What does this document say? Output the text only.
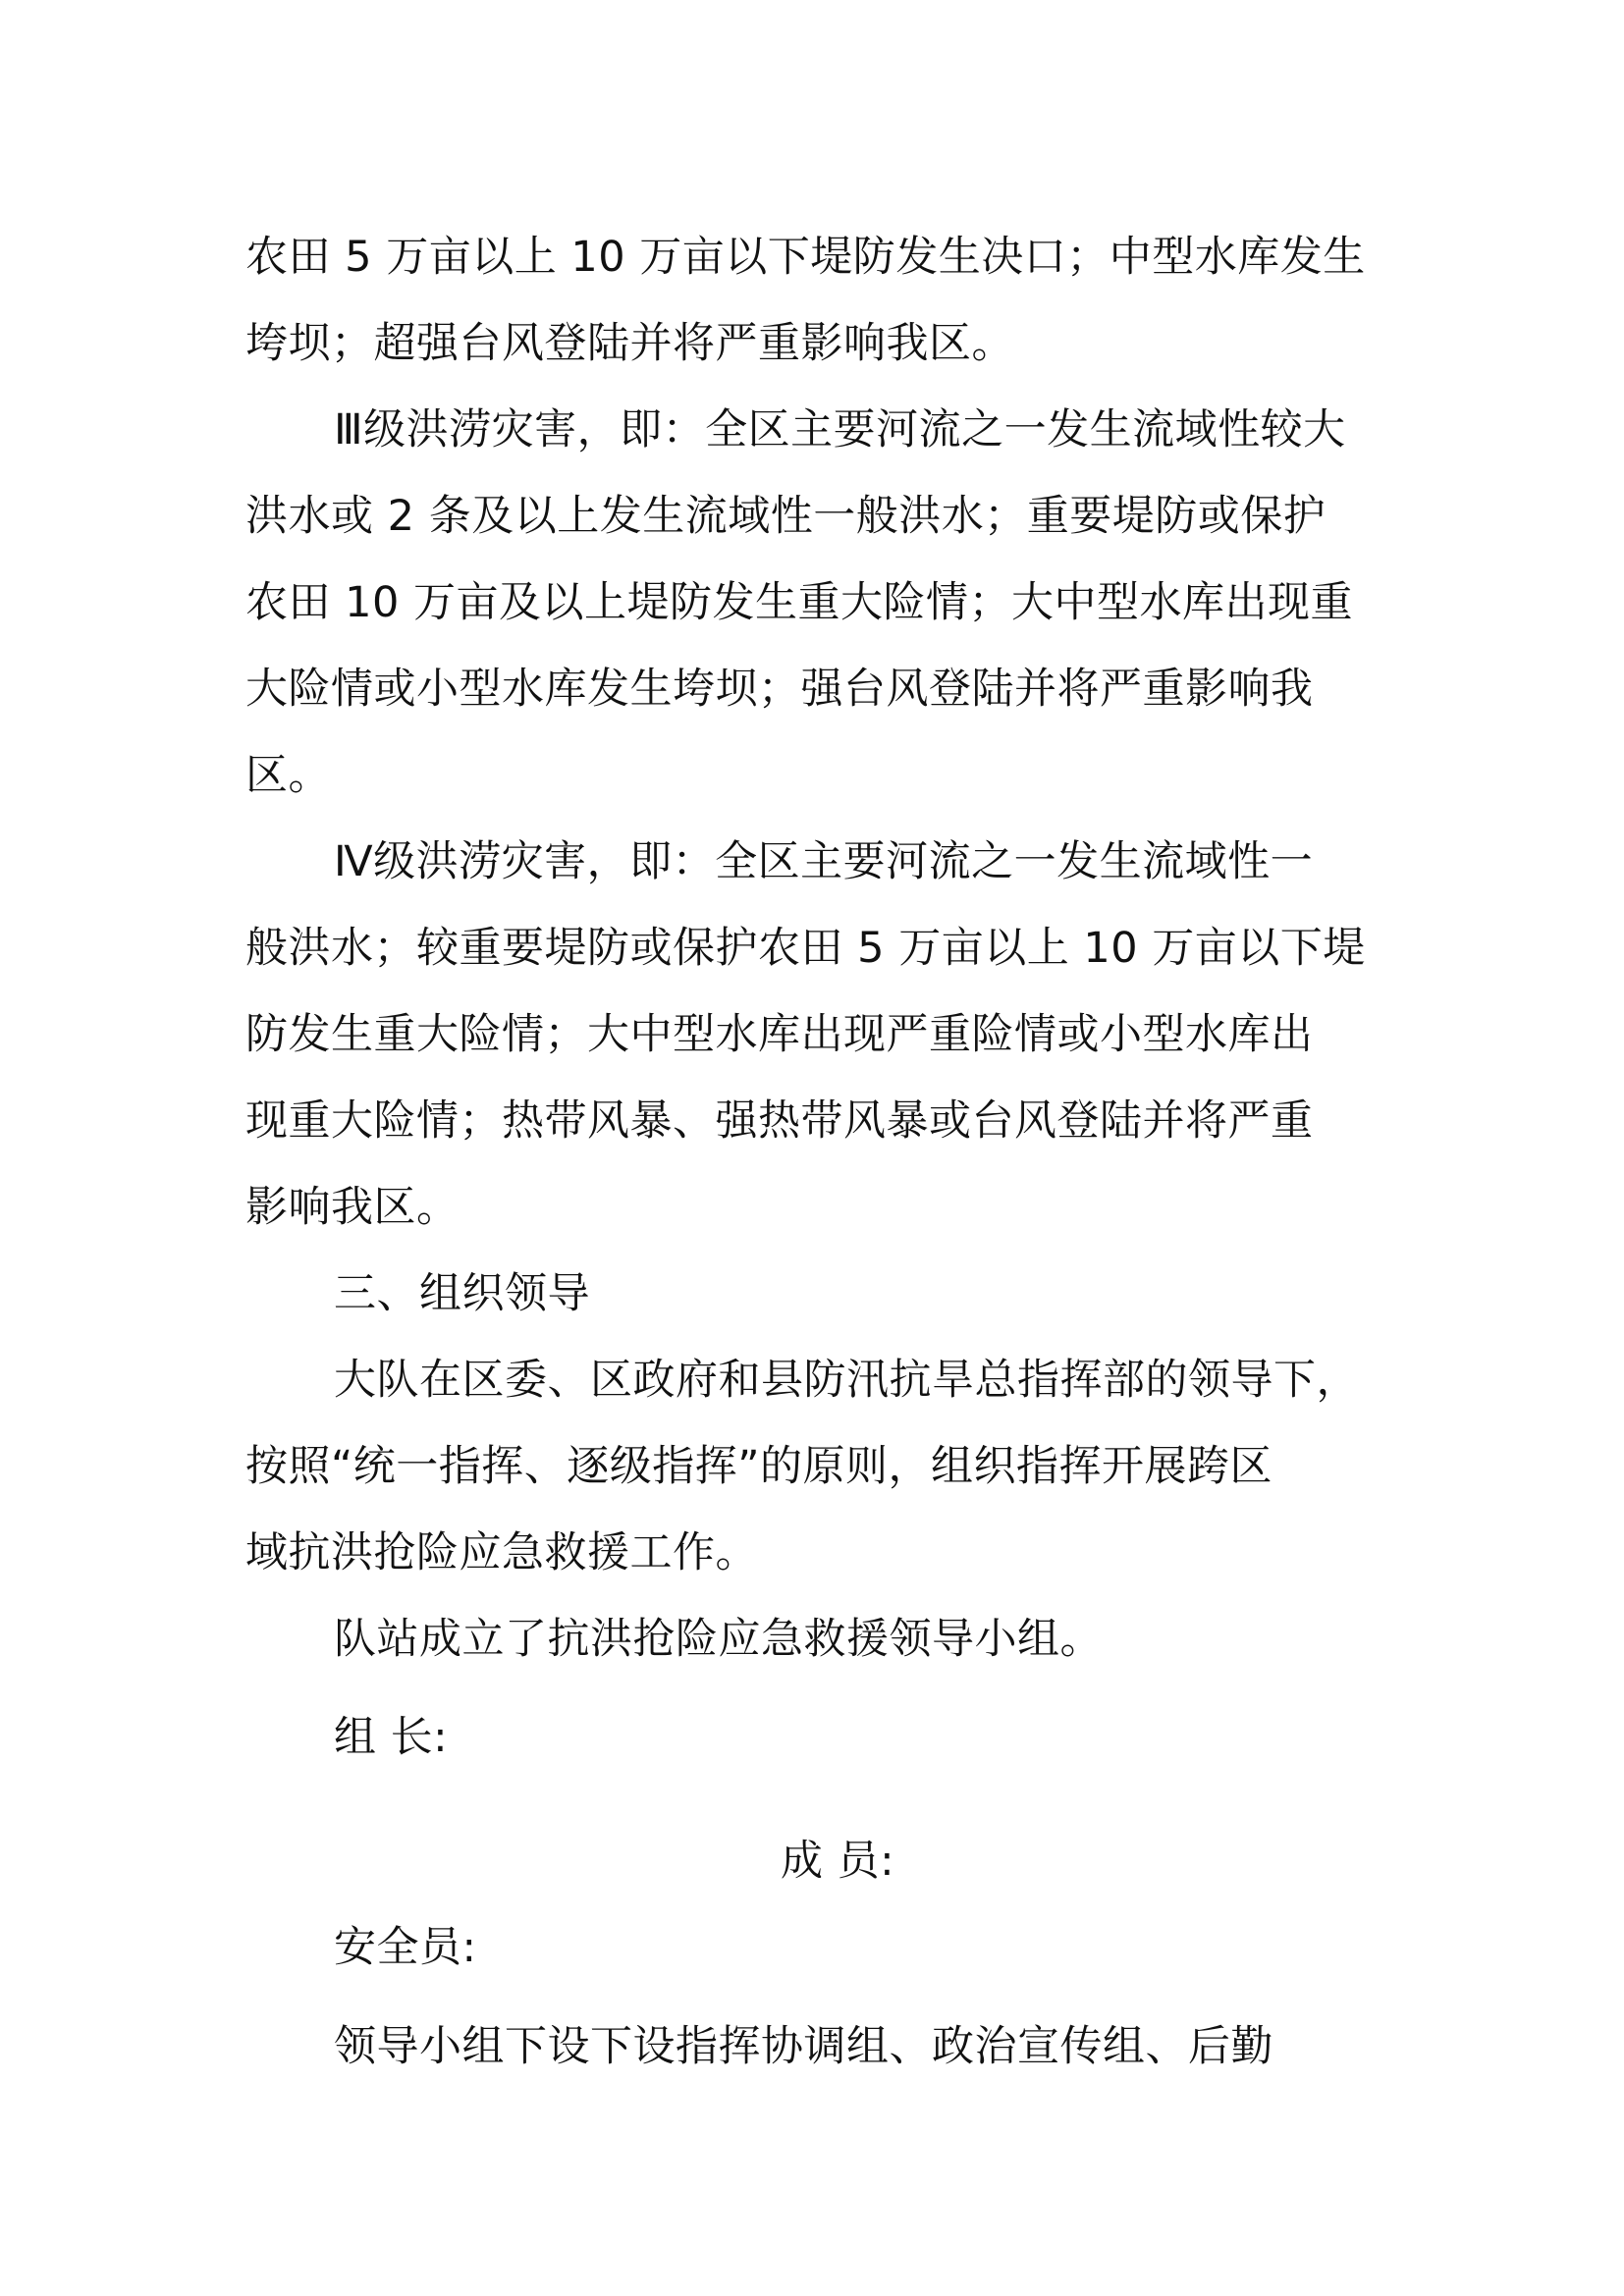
农田 5 万亩以上 10 万亩以下堤防发生决口；中型水库发生
垮坝；超强台风登陆并将严重影响我区。
Ⅲ级洪涝灾害，即：全区主要河流之一发生流域性较大
洪水或 2 条及以上发生流域性一般洪水；重要堤防或保护
农田 10 万亩及以上堤防发生重大险情；大中型水库出现重
大险情或小型水库发生垮坝；强台风登陆并将严重影响我
区。
Ⅳ级洪涝灾害，即：全区主要河流之一发生流域性一
般洪水；较重要堤防或保护农田 5 万亩以上 10 万亩以下堤
防发生重大险情；大中型水库出现严重险情或小型水库出
现重大险情；热带风暴、强热带风暴或台风登陆并将严重
影响我区。
三、组织领导
大队在区委、区政府和县防汛抗旱总指挥部的领导下，
按照“统一指挥、逐级指挥”的原则，组织指挥开展跨区
域抗洪抢险应急救援工作。
队站成立了抗洪抢险应急救援领导小组。
组 长:
成 员:
安全员:
领导小组下设下设指挥协调组、政治宣传组、后勤
